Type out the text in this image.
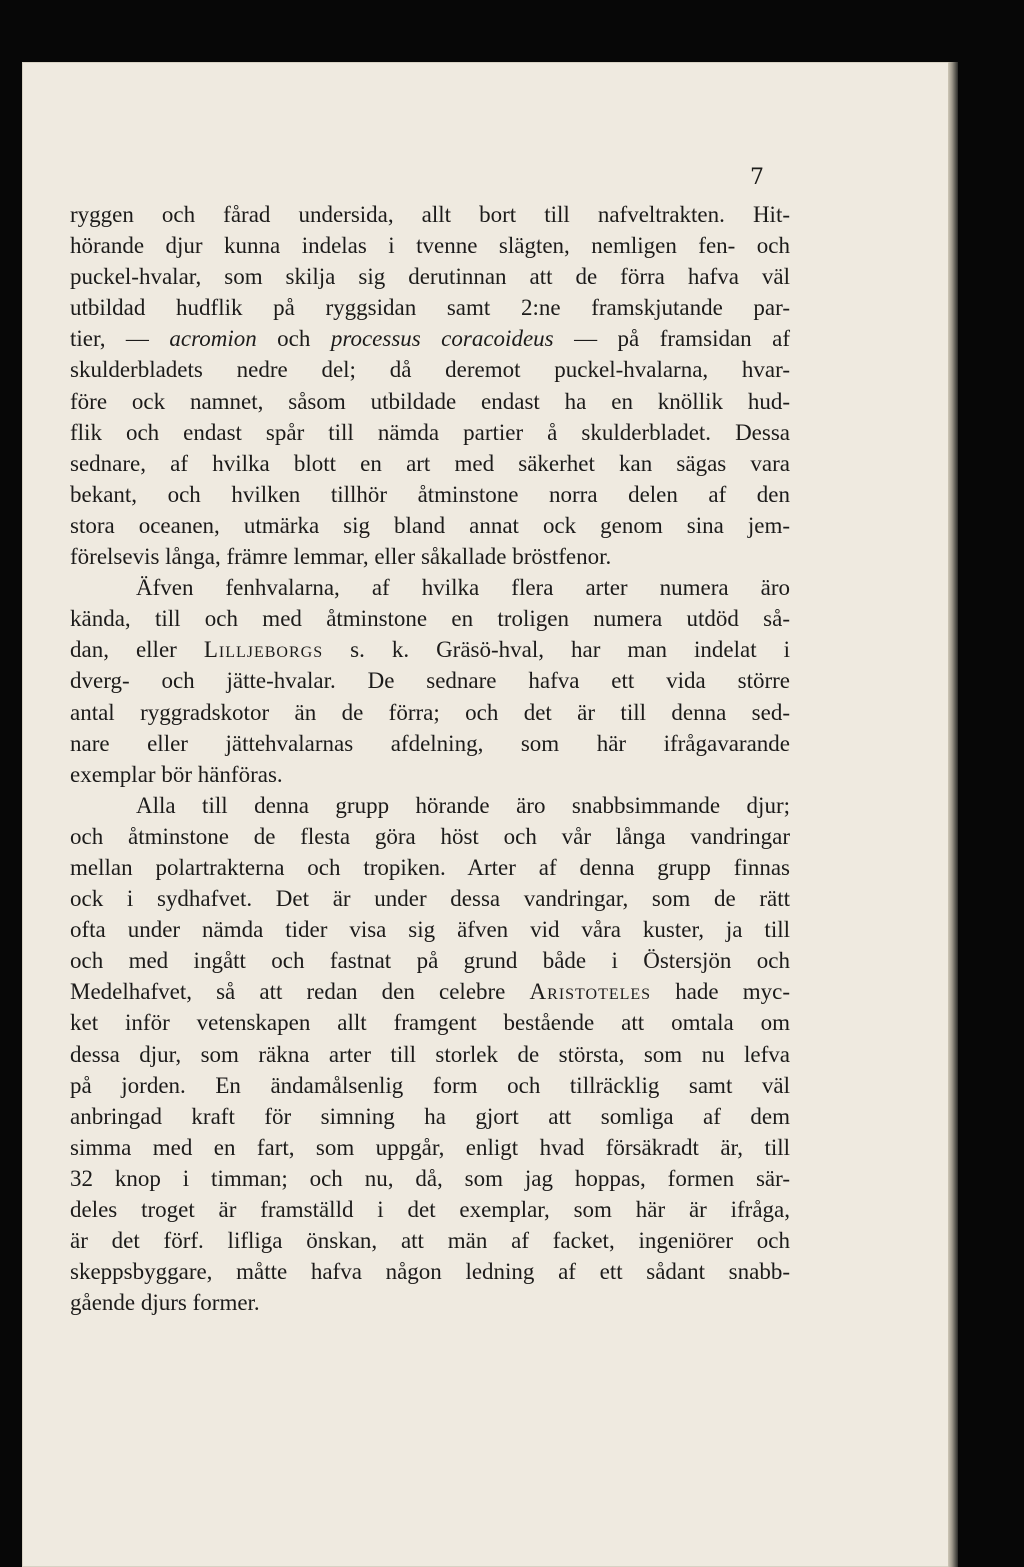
7
ryggen och fårad undersida, allt bort till nafveltrakten. Hit-
hörande djur kunna indelas i tvenne slägten, nemligen fen- och
puckel-hvalar, som skilja sig derutinnan att de förra hafva väl
utbildad hudflik på ryggsidan samt 2:ne framskjutande par-
tier, — acromion och processus coracoideus — på framsidan af
skulderbladets nedre del; då deremot puckel-hvalarna, hvar-
före ock namnet, såsom utbildade endast ha en knöllik hud-
flik och endast spår till nämda partier å skulderbladet. Dessa
sednare, af hvilka blott en art med säkerhet kan sägas vara
bekant, och hvilken tillhör åtminstone norra delen af den
stora oceanen, utmärka sig bland annat ock genom sina jem-
förelsevis långa, främre lemmar, eller såkallade bröstfenor.
Äfven fenhvalarna, af hvilka flera arter numera äro
kända, till och med åtminstone en troligen numera utdöd så-
dan, eller Lilljeborgs s. k. Gräsö-hval, har man indelat i
dverg- och jätte-hvalar. De sednare hafva ett vida större
antal ryggradskotor än de förra; och det är till denna sed-
nare eller jättehvalarnas afdelning, som här ifrågavarande
exemplar bör hänföras.
Alla till denna grupp hörande äro snabbsimmande djur;
och åtminstone de flesta göra höst och vår långa vandringar
mellan polartrakterna och tropiken. Arter af denna grupp finnas
ock i sydhafvet. Det är under dessa vandringar, som de rätt
ofta under nämda tider visa sig äfven vid våra kuster, ja till
och med ingått och fastnat på grund både i Östersjön och
Medelhafvet, så att redan den celebre Aristoteles hade myc-
ket inför vetenskapen allt framgent bestående att omtala om
dessa djur, som räkna arter till storlek de största, som nu lefva
på jorden. En ändamålsenlig form och tillräcklig samt väl
anbringad kraft för simning ha gjort att somliga af dem
simma med en fart, som uppgår, enligt hvad försäkradt är, till
32 knop i timman; och nu, då, som jag hoppas, formen sär-
deles troget är framställd i det exemplar, som här är ifråga,
är det förf. lifliga önskan, att män af facket, ingeniörer och
skeppsbyggare, måtte hafva någon ledning af ett sådant snabb-
gående djurs former.
